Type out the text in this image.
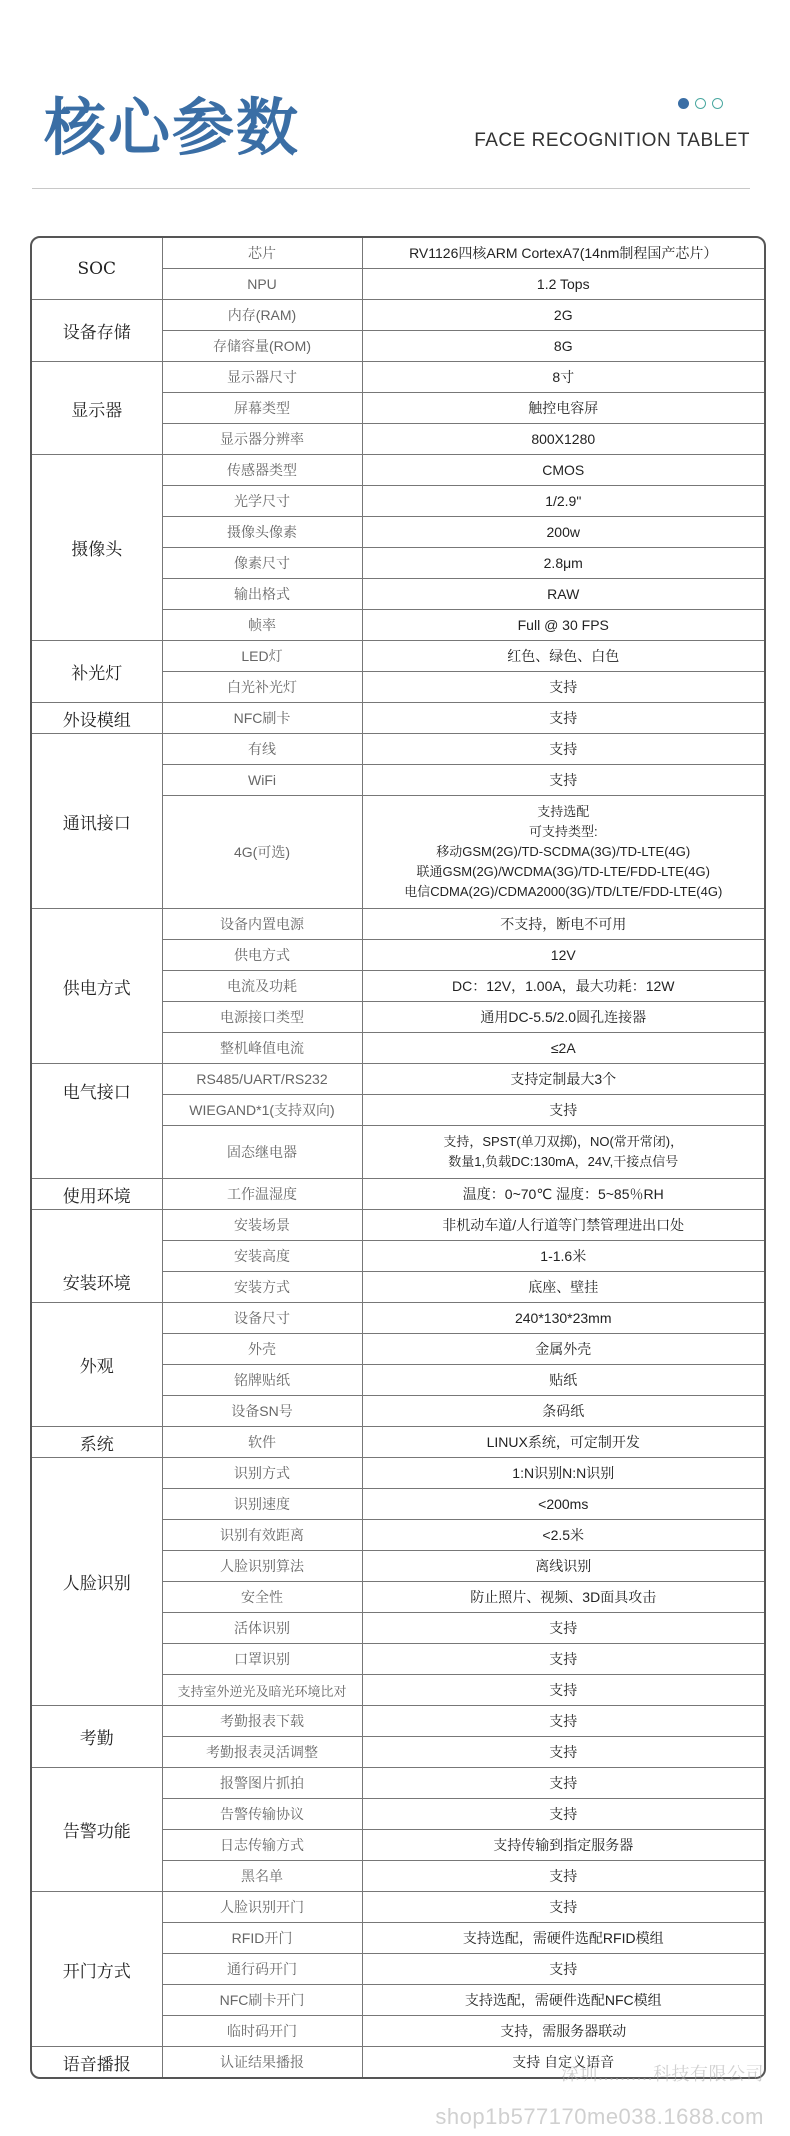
核心参数	FACE RECOGNITION TABLET
SOC	芯片	RV1126四核ARM CortexA7(14nm制程国产芯片）
	NPU	1.2 Tops
设备存储	内存(RAM)	2G
	存储容量(ROM)	8G
显示器	显示器尺寸	8寸
	屏幕类型	触控电容屏
	显示器分辨率	800X1280
摄像头	传感器类型	CMOS
	光学尺寸	1/2.9"
	摄像头像素	200w
	像素尺寸	2.8μm
	输出格式	RAW
	帧率	Full @ 30 FPS
补光灯	LED灯	红色、绿色、白色
	白光补光灯	支持
外设模组	NFC刷卡	支持
通讯接口	有线	支持
	WiFi	支持
	4G(可选)	支持选配
可支持类型:
移动GSM(2G)/TD-SCDMA(3G)/TD-LTE(4G)
联通GSM(2G)/WCDMA(3G)/TD-LTE/FDD-LTE(4G)
电信CDMA(2G)/CDMA2000(3G)/TD/LTE/FDD-LTE(4G)

供电方式	设备内置电源	不支持，断电不可用
	供电方式	12V
	电流及功耗	DC：12V，1.00A，最大功耗：12W
	电源接口类型	通用DC-5.5/2.0圆孔连接器
	整机峰值电流	≤2A
电气接口	RS485/UART/RS232	支持定制最大3个
	WIEGAND*1(支持双向)	支持
	固态继电器	支持，SPST(单刀双掷)，NO(常开常闭)，
数量1,负载DC:130mA，24V,干接点信号

使用环境	工作温湿度	温度：0~70℃ 湿度：5~85％RH
安装环境	安装场景	非机动车道/人行道等门禁管理进出口处
	安装高度	1-1.6米
	安装方式	底座、壁挂
外观	设备尺寸	240*130*23mm
	外壳	金属外壳
	铭牌贴纸	贴纸
	设备SN号	条码纸
系统	软件	LINUX系统，可定制开发
人脸识别	识别方式	1:N识别N:N识别
	识别速度	<200ms
	识别有效距离	<2.5米
	人脸识别算法	离线识别
	安全性	防止照片、视频、3D面具攻击
	活体识别	支持
	口罩识别	支持
	支持室外逆光及暗光环境比对	支持
考勤	考勤报表下载	支持
	考勤报表灵活调整	支持
告警功能	报警图片抓拍	支持
	告警传输协议	支持
	日志传输方式	支持传输到指定服务器
	黑名单	支持
开门方式	人脸识别开门	支持
	RFID开门	支持选配，需硬件选配RFID模组
	通行码开门	支持
	NFC刷卡开门	支持选配，需硬件选配NFC模组
	临时码开门	支持，需服务器联动
语音播报	认证结果播报	支持 自定义语音
深圳..........科技有限公司
shop1b577170me038.1688.com
